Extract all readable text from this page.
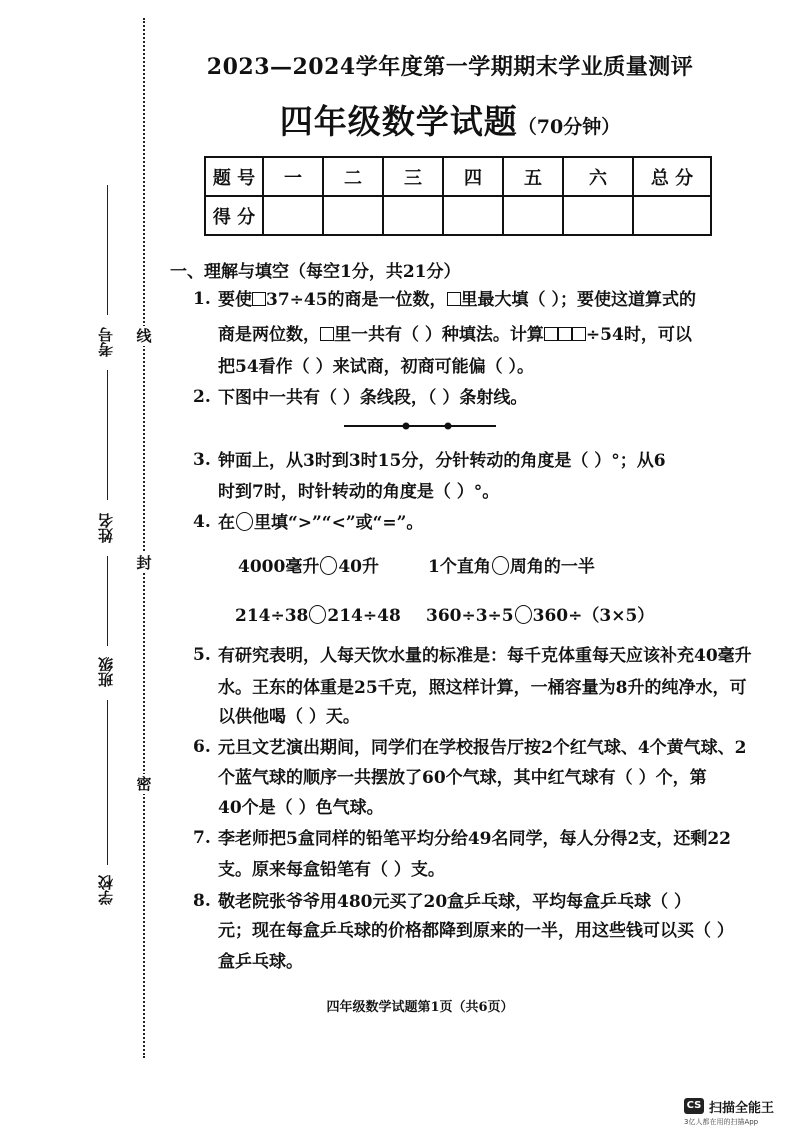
线
封
密
考号
姓名
班级
学校
2023—2024学年度第一学期期末学业质量测评
四年级数学试题（70分钟）
题 号	一	二	三	四	五	六	总 分
得 分							
一、理解与填空（每空1分，共21分）
1. 要使 37÷45的商是一位数， 里最大填（ ）；要使这道算式的
商是两位数， 里一共有（ ）种填法。计算 ÷54时，可以
把54看作（ ）来试商，初商可能偏（ ）。
2. 下图中一共有（ ）条线段，（ ）条射线。
3. 钟面上，从3时到3时15分，分针转动的角度是（ ）°；从6
时到7时，时针转动的角度是（ ）°。
4. 在 里填“>”“<”或“=”。
4000毫升 40升	1个直角 周角的一半
214÷38 214÷48 360÷3÷5 360÷（3×5）
5. 有研究表明，人每天饮水量的标准是：每千克体重每天应该补充40毫升
水。王东的体重是25千克，照这样计算，一桶容量为8升的纯净水，可
以供他喝（ ）天。
6. 元旦文艺演出期间，同学们在学校报告厅按2个红气球、4个黄气球、2
个蓝气球的顺序一共摆放了60个气球，其中红气球有（ ）个，第
40个是（ ）色气球。
7. 李老师把5盒同样的铅笔平均分给49名同学，每人分得2支，还剩22
支。原来每盒铅笔有（ ）支。
8. 敬老院张爷爷用480元买了20盒乒乓球，平均每盒乒乓球（ ）
元；现在每盒乒乓球的价格都降到原来的一半，用这些钱可以买（ ）
盒乒乓球。
四年级数学试题第1页（共6页）
CS 扫描全能王
3亿人都在用的扫描App
